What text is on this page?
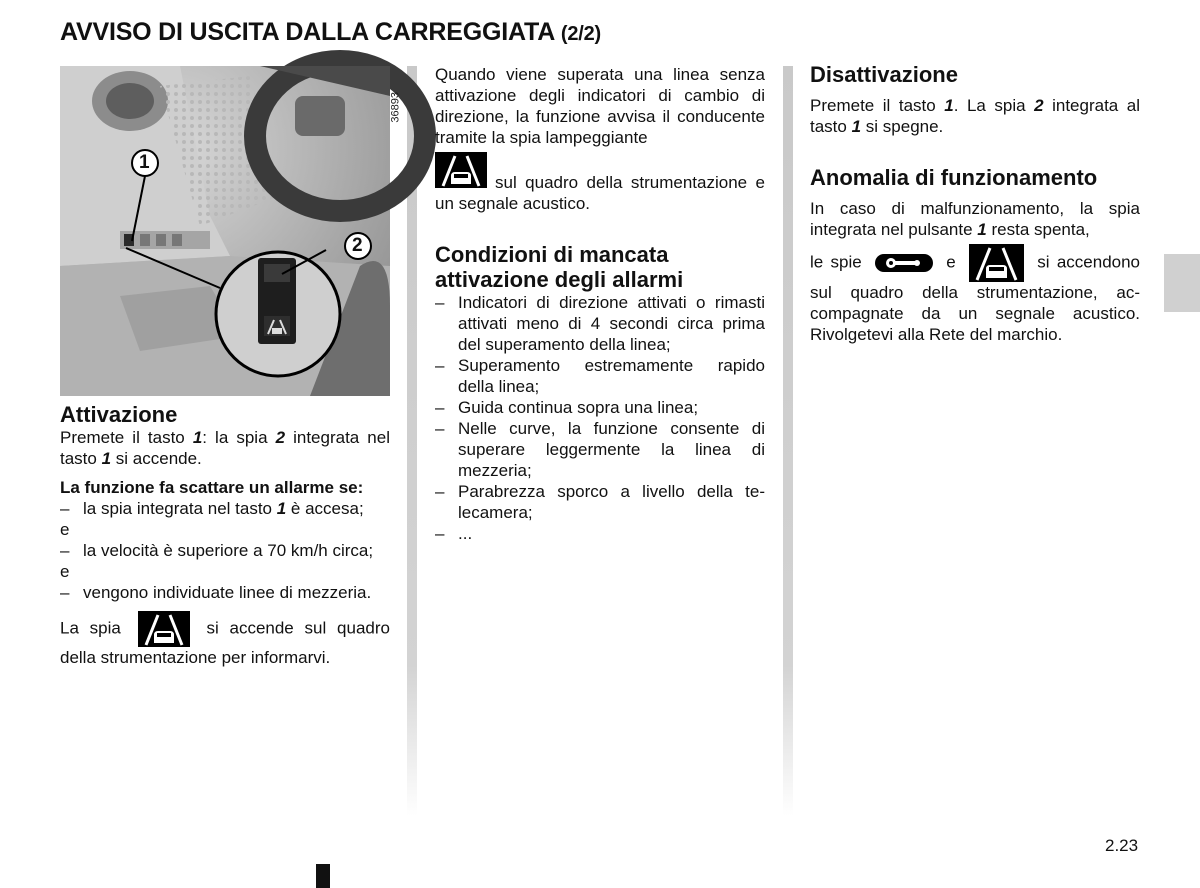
AVVISO DI USCITA DALLA CARREGGIATA (2/2)
36893
1
2
Attivazione

Premete il tasto 1: la spia 2 integrata nel tasto 1 si accende.

La funzione fa scattare un allarme se:

– la spia integrata nel tasto 1 è accesa;

e

– la velocità è superiore a 70 km/h circa;

e

– vengono individuate linee di mezzeria.
La spia	si accende sul quadro della strumentazione per informarvi.

Quando viene superata una linea senza attivazione degli indicatori di cambio di direzione, la funzione avvisa il conducente tramite la spia lampeggiante

sul quadro della strumentazione e un segnale acustico.

Condizioni di mancata attivazione degli allarmi
– Indicatori di direzione attivati o rimasti attivati meno di 4 secondi circa prima del superamento della linea;
– Superamento estremamente rapido della linea;
– Guida continua sopra una linea;
– Nelle curve, la funzione consente di superare leggermente la linea di mezzeria;
– Parabrezza sporco a livello della telecamera;
– ...
Disattivazione

Premete il tasto 1. La spia 2 integrata al tasto 1 si spegne.

Anomalia di funzionamento

In caso di malfunzionamento, la spia integrata nel pulsante 1 resta spenta,

le spie	e	si accendono sul quadro della strumentazione, accompagnate da un segnale acustico. Rivolgetevi alla Rete del marchio.
2.23
